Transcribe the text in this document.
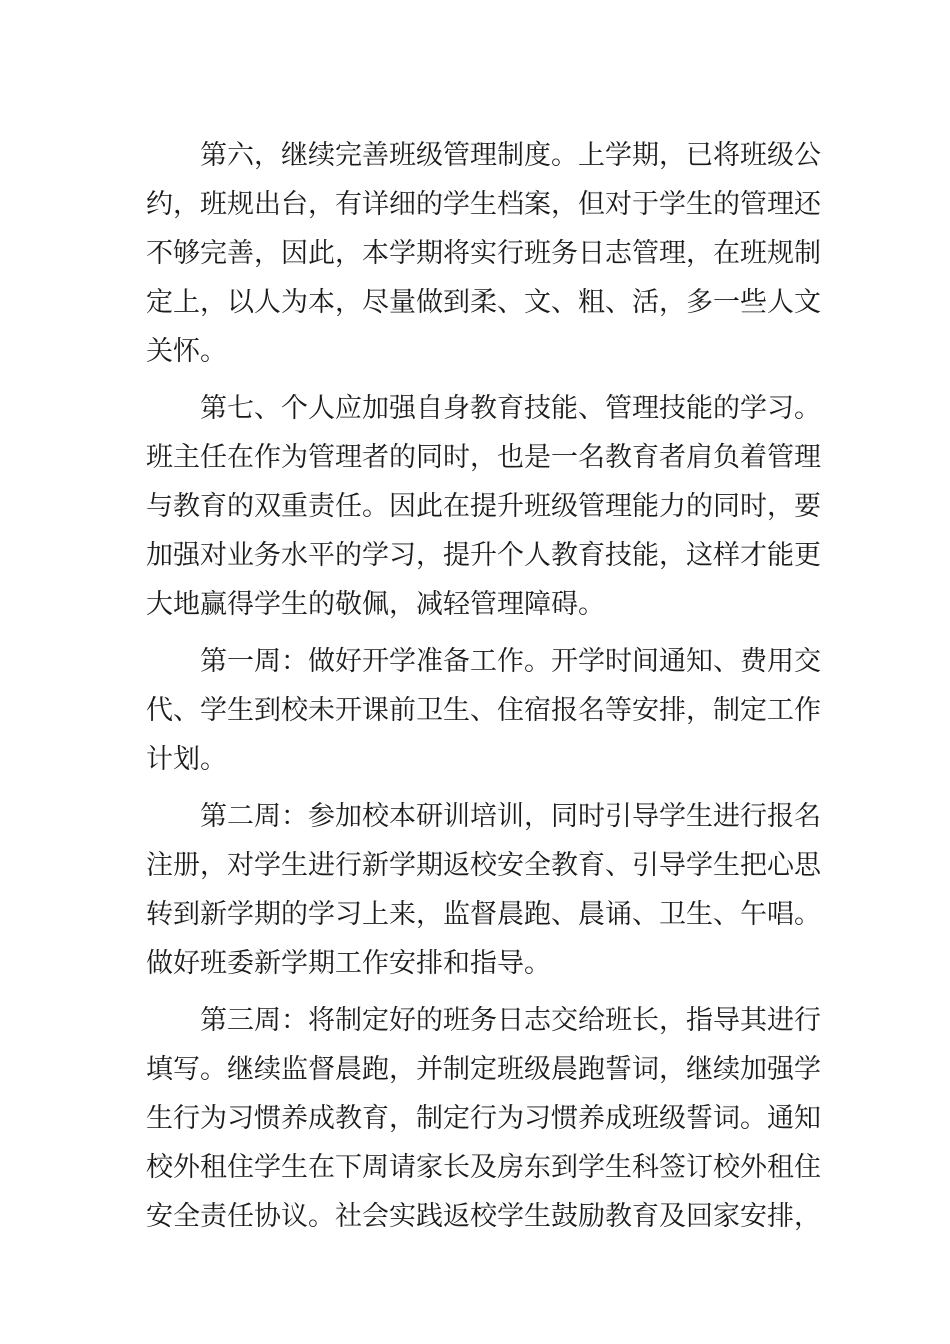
第六，继续完善班级管理制度。上学期，已将班级公
约，班规出台，有详细的学生档案，但对于学生的管理还
不够完善，因此，本学期将实行班务日志管理，在班规制
定上，以人为本，尽量做到柔、文、粗、活，多一些人文
关怀。

第七、个人应加强自身教育技能、管理技能的学习。
班主任在作为管理者的同时，也是一名教育者肩负着管理
与教育的双重责任。因此在提升班级管理能力的同时，要
加强对业务水平的学习，提升个人教育技能，这样才能更
大地赢得学生的敬佩，减轻管理障碍。

第一周：做好开学准备工作。开学时间通知、费用交
代、学生到校未开课前卫生、住宿报名等安排，制定工作
计划。

第二周：参加校本研训培训，同时引导学生进行报名
注册，对学生进行新学期返校安全教育、引导学生把心思
转到新学期的学习上来，监督晨跑、晨诵、卫生、午唱。
做好班委新学期工作安排和指导。

第三周：将制定好的班务日志交给班长，指导其进行
填写。继续监督晨跑，并制定班级晨跑誓词，继续加强学
生行为习惯养成教育，制定行为习惯养成班级誓词。通知
校外租住学生在下周请家长及房东到学生科签订校外租住
安全责任协议。社会实践返校学生鼓励教育及回家安排，
